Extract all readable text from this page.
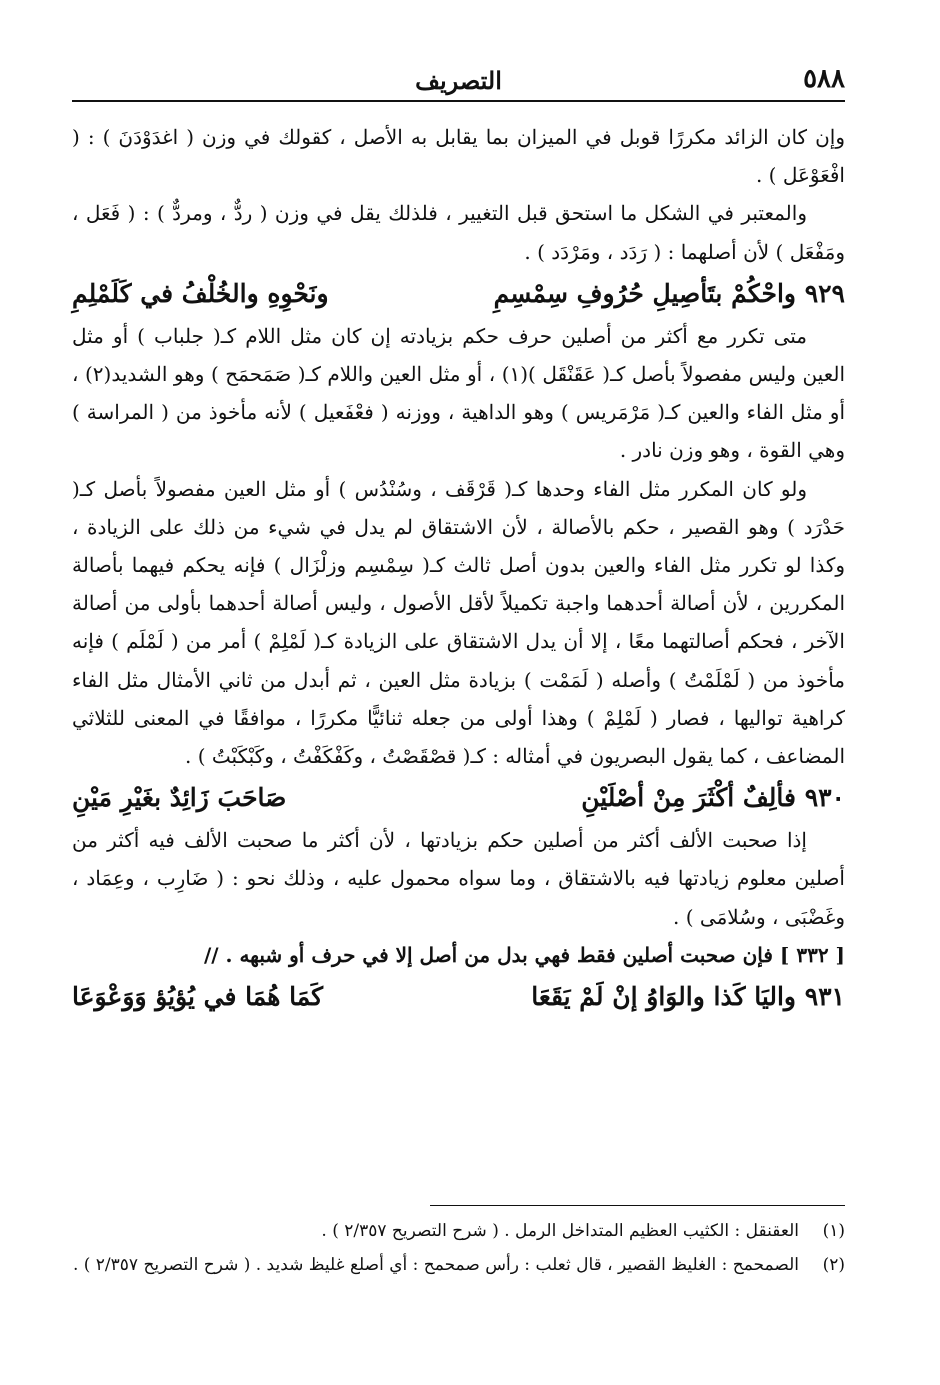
التصريف	٥٨٨

وإن كان الزائد مكررًا قوبل في الميزان بما يقابل به الأصل ، كقولك في وزن ( اغدَوْدَنَ ) : ( افْعَوْعَل ) .

والمعتبر في الشكل ما استحق قبل التغيير ، فلذلك يقل في وزن ( ردٌّ ، ومردٌّ ) : ( فَعَل ، ومَفْعَل ) لأن أصلهما : ( رَدَد ، ومَرْدَد ) .

٩٢٩ واحْكُمْ بتَأصِيلِ حُرُوفِ سِمْسِمِ
ونَحْوِهِ والخُلْفُ في كَلَمْلِمِ

متى تكرر مع أكثر من أصلين حرف حكم بزيادته إن كان مثل اللام كـ( جلباب ) أو مثل العين وليس مفصولاً بأصل كـ( عَقَنْقَل )(١) ، أو مثل العين واللام كـ( صَمَحمَح ) وهو الشديد(٢) ، أو مثل الفاء والعين كـ( مَرْمَريس ) وهو الداهية ، ووزنه ( فعْفَعيل ) لأنه مأخوذ من ( المراسة ) وهي القوة ، وهو وزن نادر .

ولو كان المكرر مثل الفاء وحدها كـ( قَرْقَف ، وسُنْدُس ) أو مثل العين مفصولاً بأصل كـ( حَدْرَد ) وهو القصير ، حكم بالأصالة ، لأن الاشتقاق لم يدل في شيء من ذلك على الزيادة ، وكذا لو تكرر مثل الفاء والعين بدون أصل ثالث كـ( سِمْسِم وزلْزَال ) فإنه يحكم فيهما بأصالة المكررين ، لأن أصالة أحدهما واجبة تكميلاً لأقل الأصول ، وليس أصالة أحدهما بأولى من أصالة الآخر ، فحكم أصالتهما معًا ، إلا أن يدل الاشتقاق على الزيادة كـ( لَمْلِمْ ) أمر من ( لَمْلَم ) فإنه مأخوذ من ( لَمْلَمْتُ ) وأصله ( لَمَمْت ) بزيادة مثل العين ، ثم أبدل من ثاني الأمثال مثل الفاء كراهية تواليها ، فصار ( لَمْلِمْ ) وهذا أولى من جعله ثنائيًّا مكررًا ، موافقًا في المعنى للثلاثي المضاعف ، كما يقول البصريون في أمثاله : كـ( قصْقَصْتُ ، وكَفْكَفْتُ ، وكَبْكَبْتُ ) .

٩٣٠ فألِفٌ أكْثَرَ مِنْ أصْلَيْنِ
صَاحَبَ زَائِدٌ بغَيْرِ مَيْنِ

إذا صحبت الألف أكثر من أصلين حكم بزيادتها ، لأن أكثر ما صحبت الألف فيه أكثر من أصلين معلوم زيادتها فيه بالاشتقاق ، وما سواه محمول عليه ، وذلك نحو : ( ضَارِب ، وعِمَاد ، وغَضْبَى ، وسُلامَى ) .

[ ٣٣٢ ] فإن صحبت أصلين فقط فهي بدل من أصل إلا في حرف أو شبهه . //

٩٣١ واليَا كَذا والوَاوُ إنْ لَمْ يَقَعَا
كَمَا هُمَا في يُؤيُؤ وَوَعْوَعَا
(١)
العقنقل : الكثيب العظيم المتداخل الرمل . ( شرح التصريح ٢/٣٥٧ ) .
(٢)
الصمحمح : الغليظ القصير ، قال ثعلب : رأس صمحمح : أي أصلع غليظ شديد . ( شرح التصريح ٢/٣٥٧ ) .
